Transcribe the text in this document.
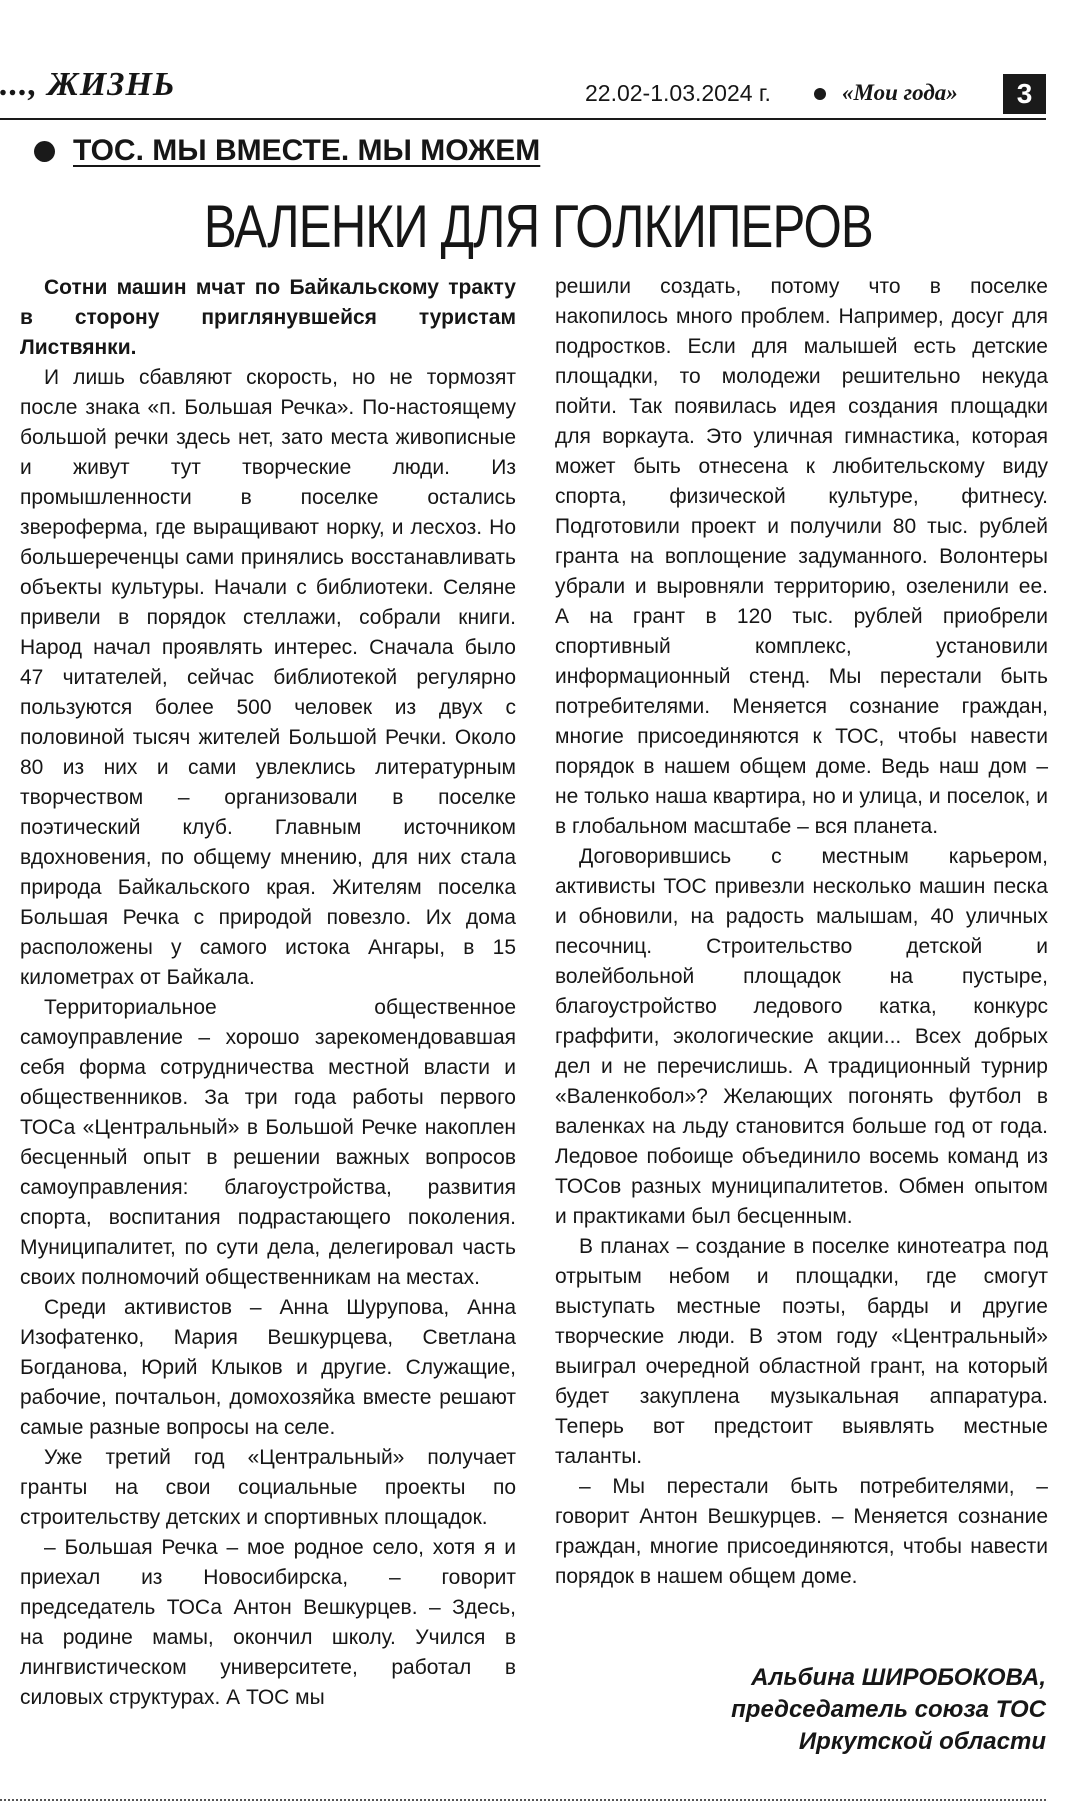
..., ЖИЗНЬ	22.02-1.03.2024 г.	«Мои года»	3
ТОС. МЫ ВМЕСТЕ. МЫ МОЖЕМ
ВАЛЕНКИ ДЛЯ ГОЛКИПЕРОВ

Сотни машин мчат по Байкальскому тракту в сторону приглянувшейся туристам Листвянки.

И лишь сбавляют скорость, но не тормозят после знака «п. Большая Речка». По-настоящему большой речки здесь нет, зато места живописные и живут тут творческие люди. Из промышленности в поселке остались звероферма, где выращивают норку, и лесхоз. Но большереченцы сами принялись восстанавливать объекты культуры. Начали с библиотеки. Селяне привели в порядок стеллажи, собрали книги. Народ начал проявлять интерес. Сначала было 47 читателей, сейчас библиотекой регулярно пользуются более 500 человек из двух с половиной тысяч жителей Большой Речки. Около 80 из них и сами увлеклись литературным творчеством – организовали в поселке поэтический клуб. Главным источником вдохновения, по общему мнению, для них стала природа Байкальского края. Жителям поселка Большая Речка с природой повезло. Их дома расположены у самого истока Ангары, в 15 километрах от Байкала.

Территориальное общественное самоуправление – хорошо зарекомендовавшая себя форма сотрудничества местной власти и общественников. За три года работы первого ТОСа «Центральный» в Большой Речке накоплен бесценный опыт в решении важных вопросов самоуправления: благоустройства, развития спорта, воспитания подрастающего поколения. Муниципалитет, по сути дела, делегировал часть своих полномочий общественникам на местах.

Среди активистов – Анна Шурупова, Анна Изофатенко, Мария Вешкурцева, Светлана Богданова, Юрий Клыков и другие. Служащие, рабочие, почтальон, домохозяйка вместе решают самые разные вопросы на селе.

Уже третий год «Центральный» получает гранты на свои социальные проекты по строительству детских и спортивных площадок.

– Большая Речка – мое родное село, хотя я и приехал из Новосибирска, – говорит председатель ТОСа Антон Вешкурцев. – Здесь, на родине мамы, окончил школу. Учился в лингвистическом университете, работал в силовых структурах. А ТОС мы

решили создать, потому что в поселке накопилось много проблем. Например, досуг для подростков. Если для малышей есть детские площадки, то молодежи решительно некуда пойти. Так появилась идея создания площадки для воркаута. Это уличная гимнастика, которая может быть отнесена к любительскому виду спорта, физической культуре, фитнесу. Подготовили проект и получили 80 тыс. рублей гранта на воплощение задуманного. Волонтеры убрали и выровняли территорию, озеленили ее. А на грант в 120 тыс. рублей приобрели спортивный комплекс, установили информационный стенд. Мы перестали быть потребителями. Меняется сознание граждан, многие присоединяются к ТОС, чтобы навести порядок в нашем общем доме. Ведь наш дом – не только наша квартира, но и улица, и поселок, и в глобальном масштабе – вся планета.

Договорившись с местным карьером, активисты ТОС привезли несколько машин песка и обновили, на радость малышам, 40 уличных песочниц. Строительство детской и волейбольной площадок на пустыре, благоустройство ледового катка, конкурс граффити, экологические акции... Всех добрых дел и не перечислишь. А традиционный турнир «Валенкобол»? Желающих погонять футбол в валенках на льду становится больше год от года. Ледовое побоище объединило восемь команд из ТОСов разных муниципалитетов. Обмен опытом и практиками был бесценным.

В планах – создание в поселке кинотеатра под отрытым небом и площадки, где смогут выступать местные поэты, барды и другие творческие люди. В этом году «Центральный» выиграл очередной областной грант, на который будет закуплена музыкальная аппаратура. Теперь вот предстоит выявлять местные таланты.

– Мы перестали быть потребителями, – говорит Антон Вешкурцев. – Меняется сознание граждан, многие присоединяются, чтобы навести порядок в нашем общем доме.

Альбина ШИРОБОКОВА,
председатель союза ТОС
Иркутской области
